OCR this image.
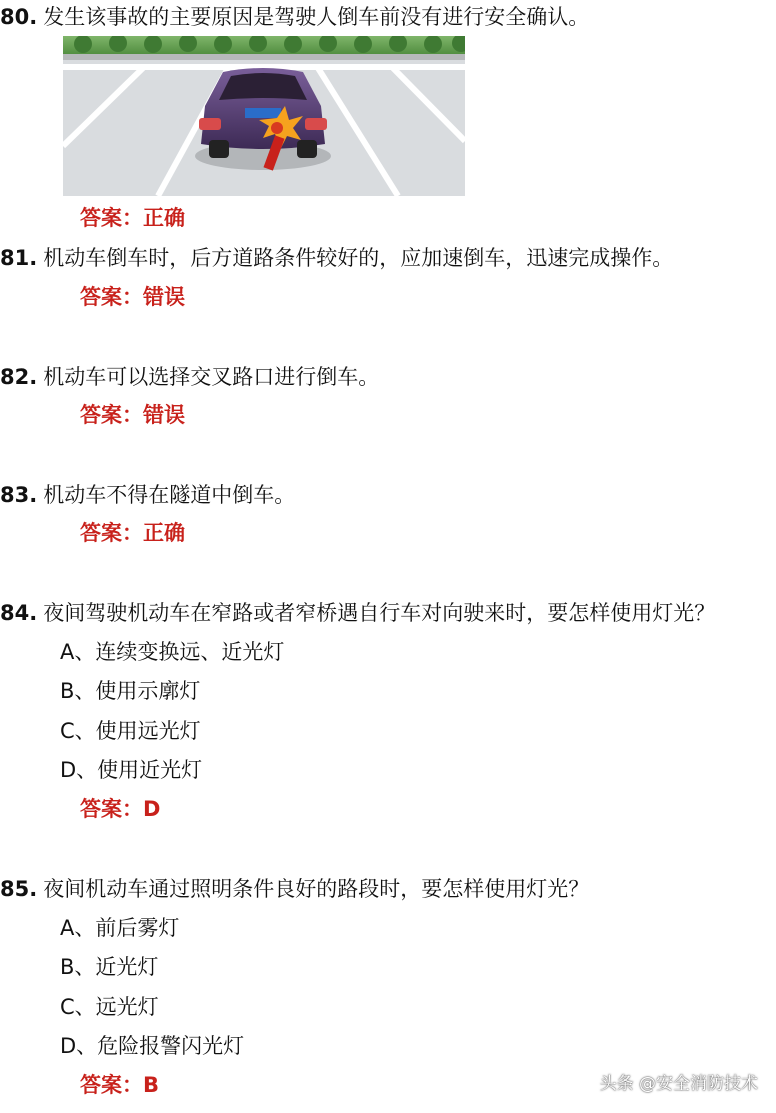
80. 发生该事故的主要原因是驾驶人倒车前没有进行安全确认。
答案：正确
81. 机动车倒车时，后方道路条件较好的，应加速倒车，迅速完成操作。
答案：错误
82. 机动车可以选择交叉路口进行倒车。
答案：错误
83. 机动车不得在隧道中倒车。
答案：正确
84. 夜间驾驶机动车在窄路或者窄桥遇自行车对向驶来时，要怎样使用灯光？
A、连续变换远、近光灯
B、使用示廓灯
C、使用远光灯
D、使用近光灯
答案：D
85. 夜间机动车通过照明条件良好的路段时，要怎样使用灯光？
A、前后雾灯
B、近光灯
C、远光灯
D、危险报警闪光灯
答案：B	头条 @安全消防技术
